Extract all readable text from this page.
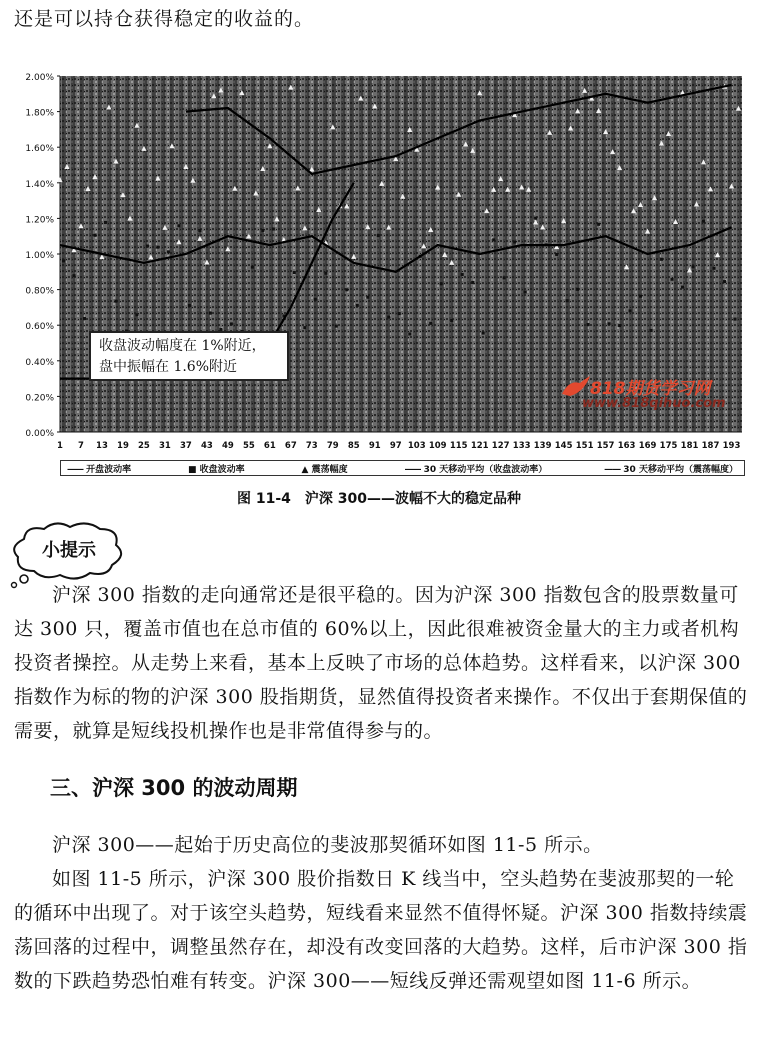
还是可以持仓获得稳定的收益的。
2.00%
1.80%
1.60%
1.40%
1.20%
1.00%
0.80%
0.60%
0.40%
0.20%
0.00%
1 7 13 19 25 31 37 43 49 55 61 67 73 79 85 91 97 103 109 115 121 127 133 139 145 151 157 163 169 175 181 187 193
收盘波动幅度在 1%附近，
盘中振幅在 1.6%附近
818期货学习网
www.818qihuo.com
—— 开盘波动率	■ 收盘波动率	▲ 震荡幅度	—— 30 天移动平均（收盘波动率）	—— 30 天移动平均（震荡幅度）
图 11-4　沪深 300——波幅不大的稳定品种
小提示
沪深 300 指数的走向通常还是很平稳的。因为沪深 300 指数包含的股票数量可达 300 只，覆盖市值也在总市值的 60%以上，因此很难被资金量大的主力或者机构投资者操控。从走势上来看，基本上反映了市场的总体趋势。这样看来，以沪深 300 指数作为标的物的沪深 300 股指期货，显然值得投资者来操作。不仅出于套期保值的需要，就算是短线投机操作也是非常值得参与的。
三、沪深 300 的波动周期
沪深 300——起始于历史高位的斐波那契循环如图 11-5 所示。
如图 11-5 所示，沪深 300 股价指数日 K 线当中，空头趋势在斐波那契的一轮的循环中出现了。对于该空头趋势，短线看来显然不值得怀疑。沪深 300 指数持续震荡回落的过程中，调整虽然存在，却没有改变回落的大趋势。这样，后市沪深 300 指数的下跌趋势恐怕难有转变。沪深 300——短线反弹还需观望如图 11-6 所示。
